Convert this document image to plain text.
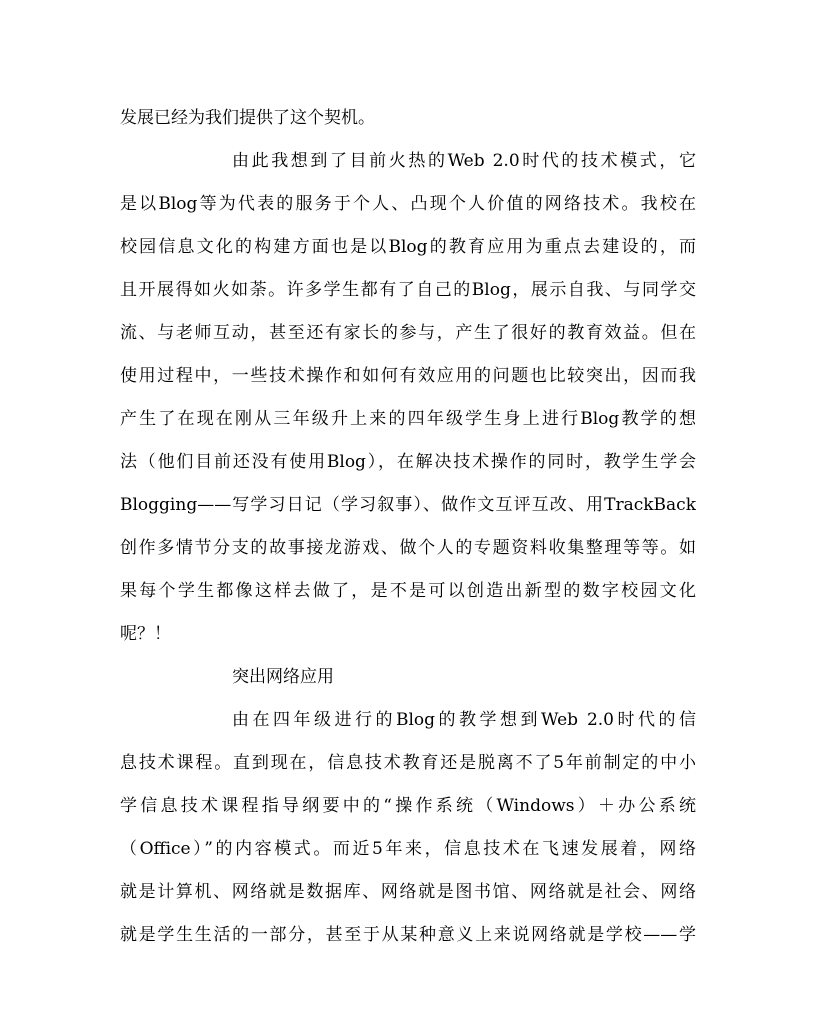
发展已经为我们提供了这个契机。
由此我想到了目前火热的Web 2.0时代的技术模式，它
是以Blog等为代表的服务于个人、凸现个人价值的网络技术。我校在
校园信息文化的构建方面也是以Blog的教育应用为重点去建设的，而
且开展得如火如荼。许多学生都有了自己的Blog，展示自我、与同学交
流、与老师互动，甚至还有家长的参与，产生了很好的教育效益。但在
使用过程中，一些技术操作和如何有效应用的问题也比较突出，因而我
产生了在现在刚从三年级升上来的四年级学生身上进行Blog教学的想
法（他们目前还没有使用Blog），在解决技术操作的同时，教学生学会
Blogging——写学习日记（学习叙事）、做作文互评互改、用TrackBack
创作多情节分支的故事接龙游戏、做个人的专题资料收集整理等等。如
果每个学生都像这样去做了，是不是可以创造出新型的数字校园文化
呢？！
突出网络应用
由在四年级进行的Blog的教学想到Web 2.0时代的信
息技术课程。直到现在，信息技术教育还是脱离不了5年前制定的中小
学信息技术课程指导纲要中的“操作系统（Windows）＋办公系统
（Office）”的内容模式。而近5年来，信息技术在飞速发展着，网络
就是计算机、网络就是数据库、网络就是图书馆、网络就是社会、网络
就是学生生活的一部分，甚至于从某种意义上来说网络就是学校——学
